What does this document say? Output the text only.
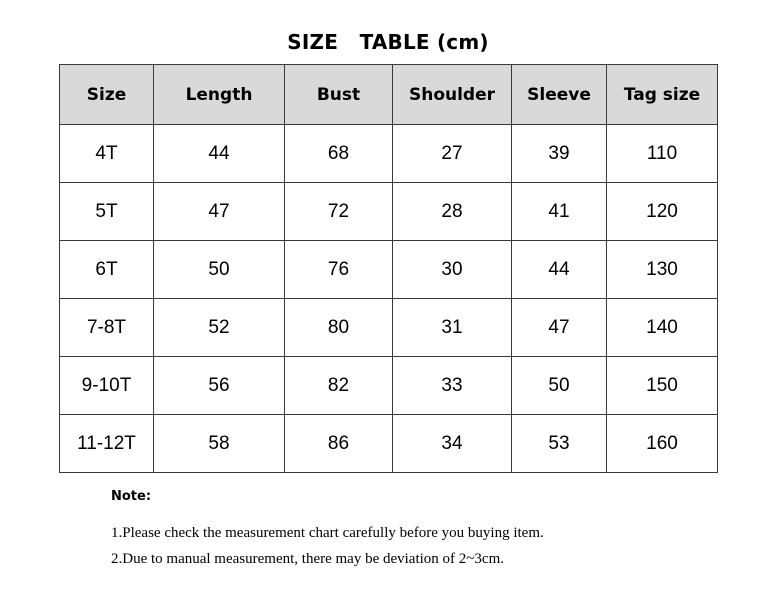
SIZE   TABLE (cm)
Size	Length	Bust	Shoulder	Sleeve	Tag size
4T	44	68	27	39	110
5T	47	72	28	41	120
6T	50	76	30	44	130
7-8T	52	80	31	47	140
9-10T	56	82	33	50	150
11-12T	58	86	34	53	160
Note:
1.Please check the measurement chart carefully before you buying item.
2.Due to manual measurement, there may be deviation of 2~3cm.
